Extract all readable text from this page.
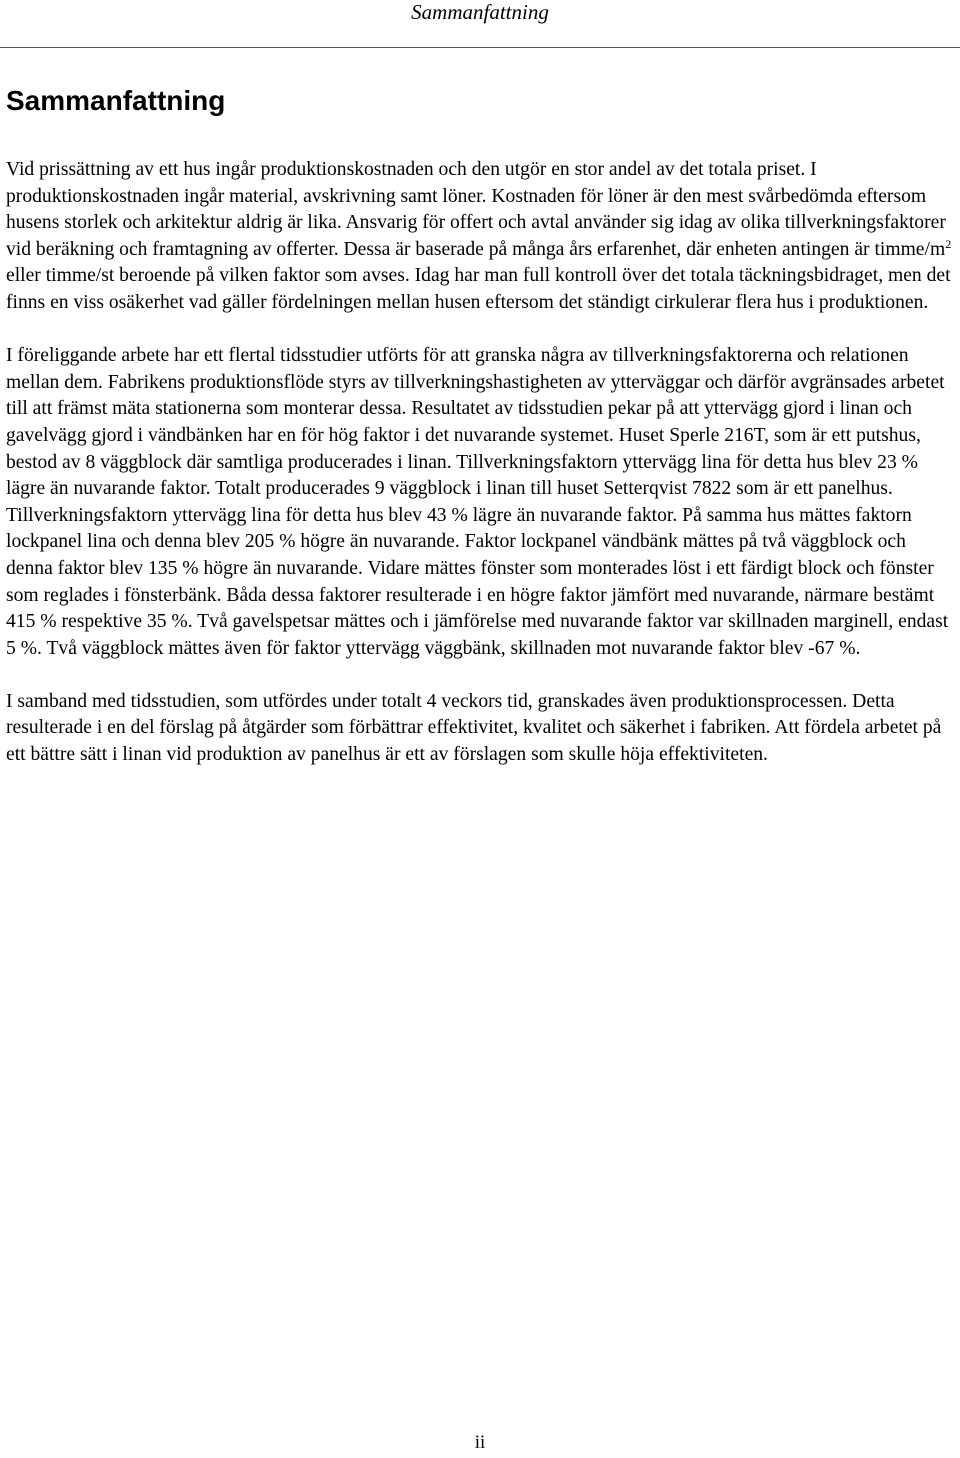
Sammanfattning
Sammanfattning

Vid prissättning av ett hus ingår produktionskostnaden och den utgör en stor andel av det totala priset. I produktionskostnaden ingår material, avskrivning samt löner. Kostnaden för löner är den mest svårbedömda eftersom husens storlek och arkitektur aldrig är lika. Ansvarig för offert och avtal använder sig idag av olika tillverkningsfaktorer vid beräkning och framtagning av offerter. Dessa är baserade på många års erfarenhet, där enheten antingen är timme/$m^2$ eller timme/st beroende på vilken faktor som avses. Idag har man full kontroll över det totala täckningsbidraget, men det finns en viss osäkerhet vad gäller fördelningen mellan husen eftersom det ständigt cirkulerar flera hus i produktionen.

I föreliggande arbete har ett flertal tidsstudier utförts för att granska några av tillverkningsfaktorerna och relationen mellan dem. Fabrikens produktionsflöde styrs av tillverkningshastigheten av ytterväggar och därför avgränsades arbetet till att främst mäta stationerna som monterar dessa. Resultatet av tidsstudien pekar på att yttervägg gjord i linan och gavelvägg gjord i vändbänken har en för hög faktor i det nuvarande systemet. Huset Sperle 216T, som är ett putshus, bestod av 8 väggblock där samtliga producerades i linan. Tillverkningsfaktorn yttervägg lina för detta hus blev 23 % lägre än nuvarande faktor. Totalt producerades 9 väggblock i linan till huset Setterqvist 7822 som är ett panelhus. Tillverkningsfaktorn yttervägg lina för detta hus blev 43 % lägre än nuvarande faktor. På samma hus mättes faktorn lockpanel lina och denna blev 205 % högre än nuvarande. Faktor lockpanel vändbänk mättes på två väggblock och denna faktor blev 135 % högre än nuvarande. Vidare mättes fönster som monterades löst i ett färdigt block och fönster som reglades i fönsterbänk. Båda dessa faktorer resulterade i en högre faktor jämfört med nuvarande, närmare bestämt 415 % respektive 35 %. Två gavelspetsar mättes och i jämförelse med nuvarande faktor var skillnaden marginell, endast 5 %. Två väggblock mättes även för faktor yttervägg väggbänk, skillnaden mot nuvarande faktor blev -67 %.

I samband med tidsstudien, som utfördes under totalt 4 veckors tid, granskades även produktionsprocessen. Detta resulterade i en del förslag på åtgärder som förbättrar effektivitet, kvalitet och säkerhet i fabriken. Att fördela arbetet på ett bättre sätt i linan vid produktion av panelhus är ett av förslagen som skulle höja effektiviteten.

ii
